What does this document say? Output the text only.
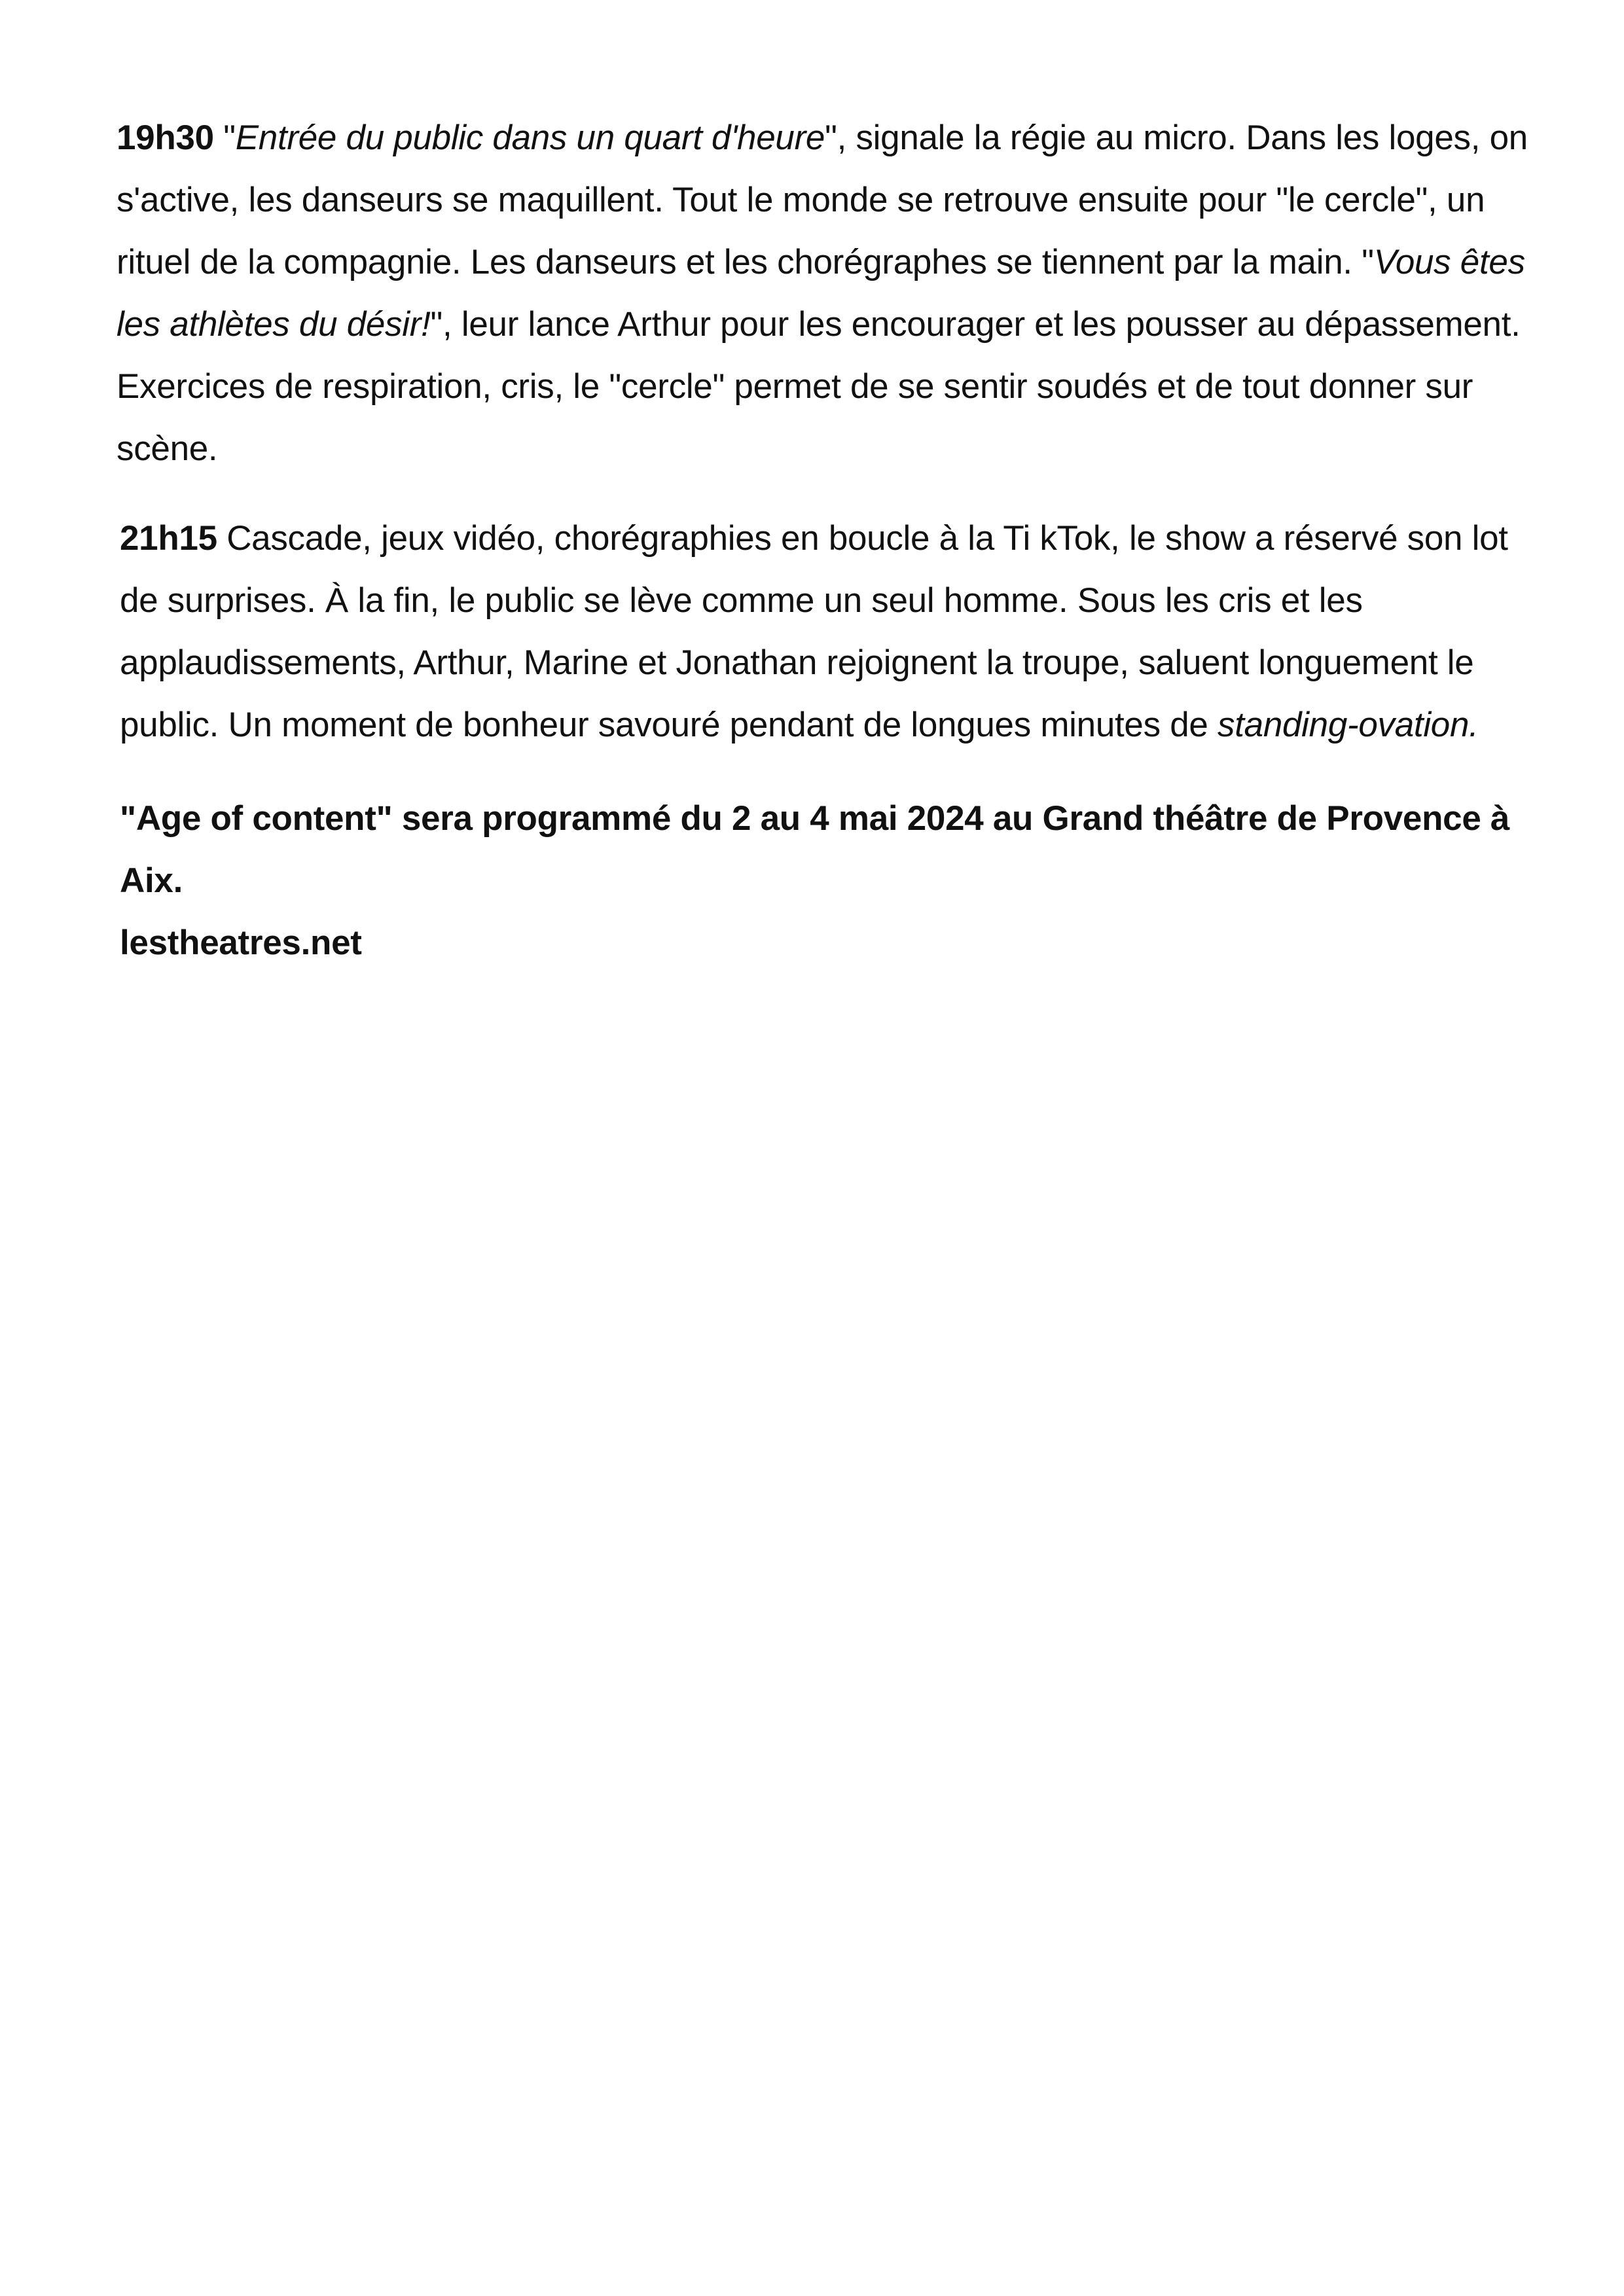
19h30 "Entrée du public dans un quart d'heure", signale la régie au micro. Dans les loges, on s'active, les danseurs se maquillent. Tout le monde se retrouve ensuite pour "le cercle", un rituel de la compagnie. Les danseurs et les chorégraphes se tiennent par la main. "Vous êtes les athlètes du désir!", leur lance Arthur pour les encourager et les pousser au dépassement. Exercices de respiration, cris, le "cercle" permet de se sentir soudés et de tout donner sur scène.

21h15 Cascade, jeux vidéo, chorégraphies en boucle à la Ti kTok, le show a réservé son lot de surprises. À la fin, le public se lève comme un seul homme. Sous les cris et les applaudissements, Arthur, Marine et Jonathan rejoignent la troupe, saluent longuement le public. Un moment de bonheur savouré pendant de longues minutes de standing-ovation.

"Age of content" sera programmé du 2 au 4 mai 2024 au Grand théâtre de Provence à Aix.
lestheatres.net
